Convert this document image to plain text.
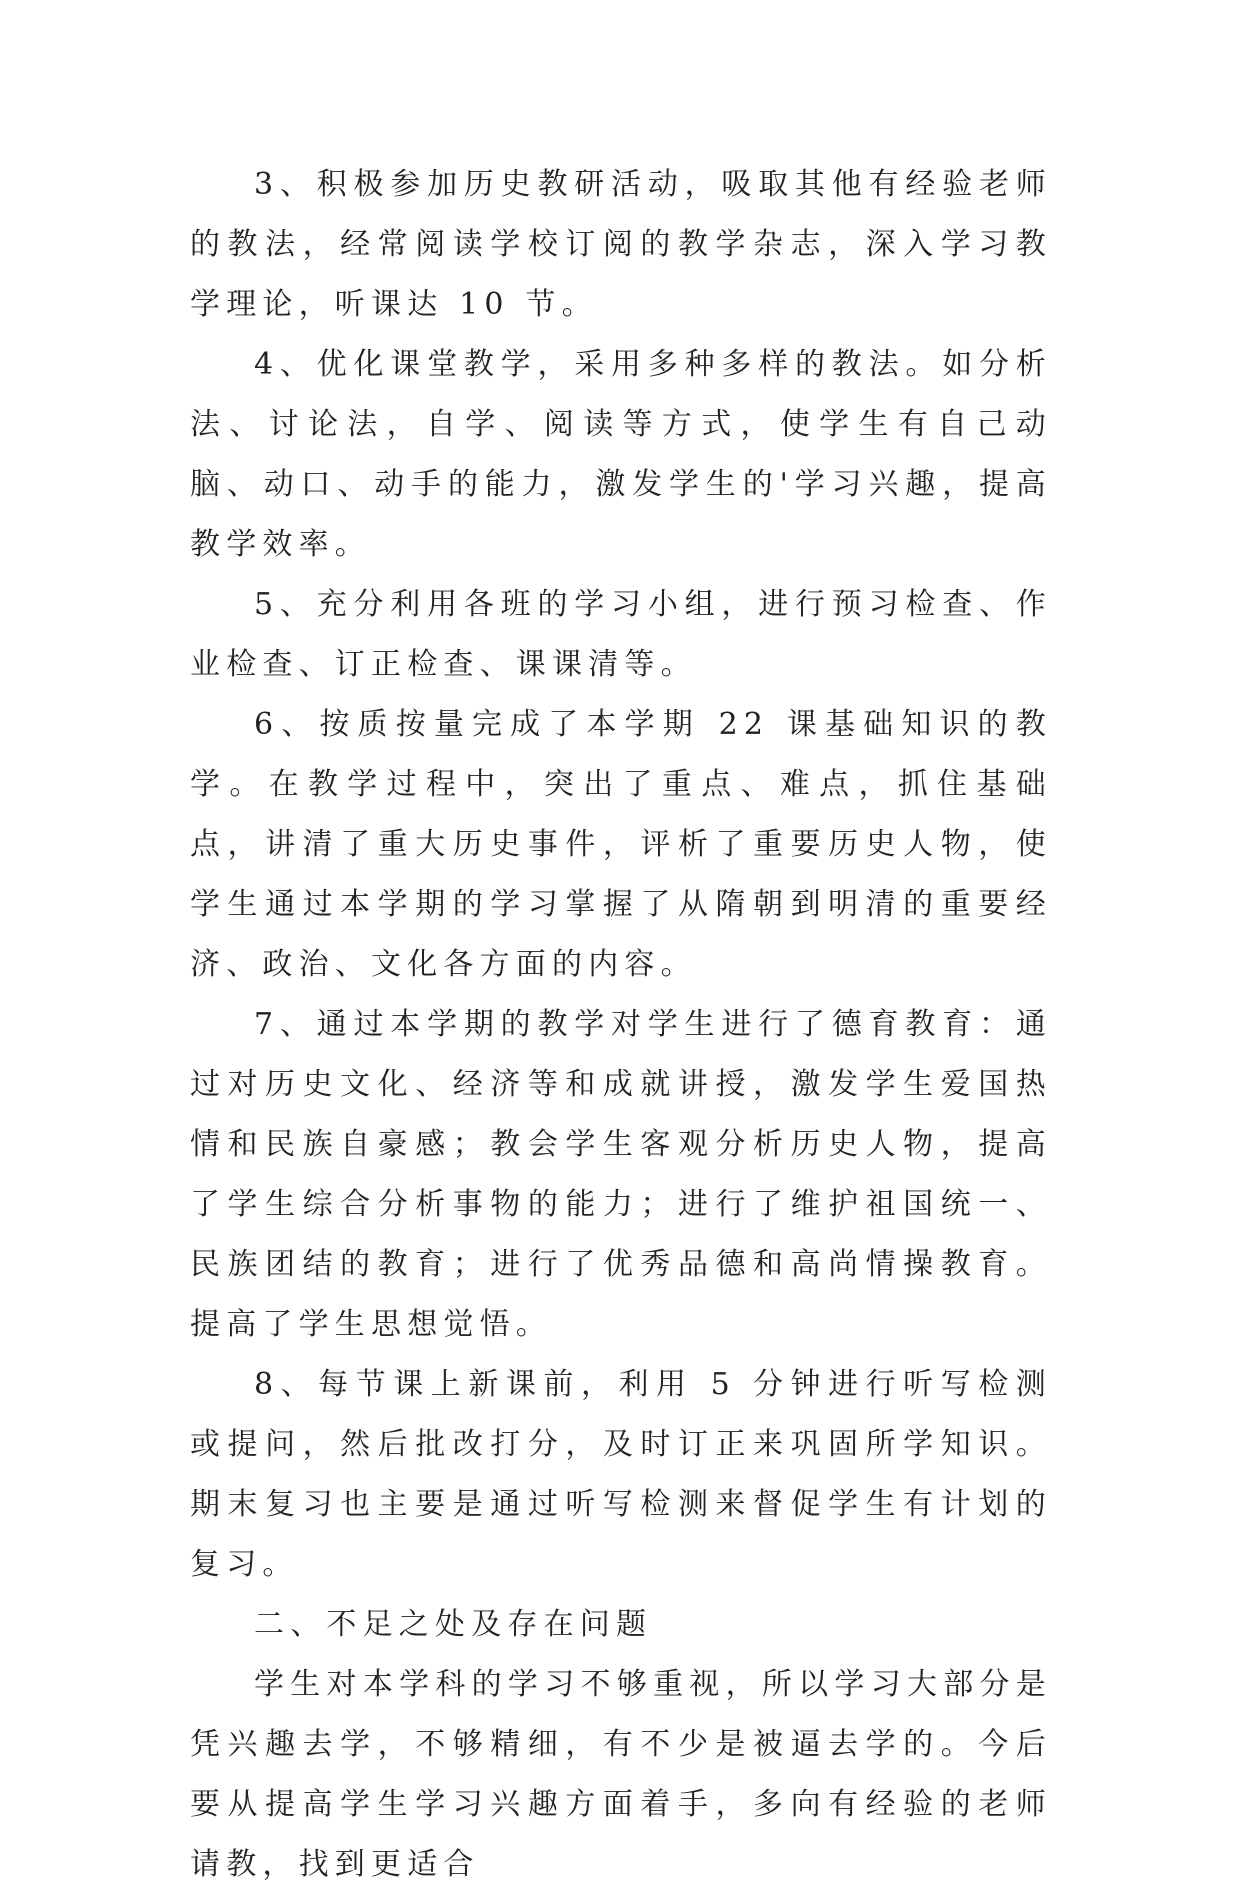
3、积极参加历史教研活动，吸取其他有经验老师的教法，经常阅读学校订阅的教学杂志，深入学习教学理论，听课达 10 节。

4、优化课堂教学，采用多种多样的教法。如分析法、讨论法，自学、阅读等方式，使学生有自己动脑、动口、动手的能力，激发学生的'学习兴趣，提高教学效率。

5、充分利用各班的学习小组，进行预习检查、作业检查、订正检查、课课清等。

6、按质按量完成了本学期 22 课基础知识的教学。在教学过程中，突出了重点、难点，抓住基础点，讲清了重大历史事件，评析了重要历史人物，使学生通过本学期的学习掌握了从隋朝到明清的重要经济、政治、文化各方面的内容。

7、通过本学期的教学对学生进行了德育教育：通过对历史文化、经济等和成就讲授，激发学生爱国热情和民族自豪感；教会学生客观分析历史人物，提高了学生综合分析事物的能力；进行了维护祖国统一、民族团结的教育；进行了优秀品德和高尚情操教育。提高了学生思想觉悟。

8、每节课上新课前，利用 5 分钟进行听写检测或提问，然后批改打分，及时订正来巩固所学知识。期末复习也主要是通过听写检测来督促学生有计划的复习。

二、不足之处及存在问题

学生对本学科的学习不够重视，所以学习大部分是凭兴趣去学，不够精细，有不少是被逼去学的。今后要从提高学生学习兴趣方面着手，多向有经验的老师请教，找到更适合
